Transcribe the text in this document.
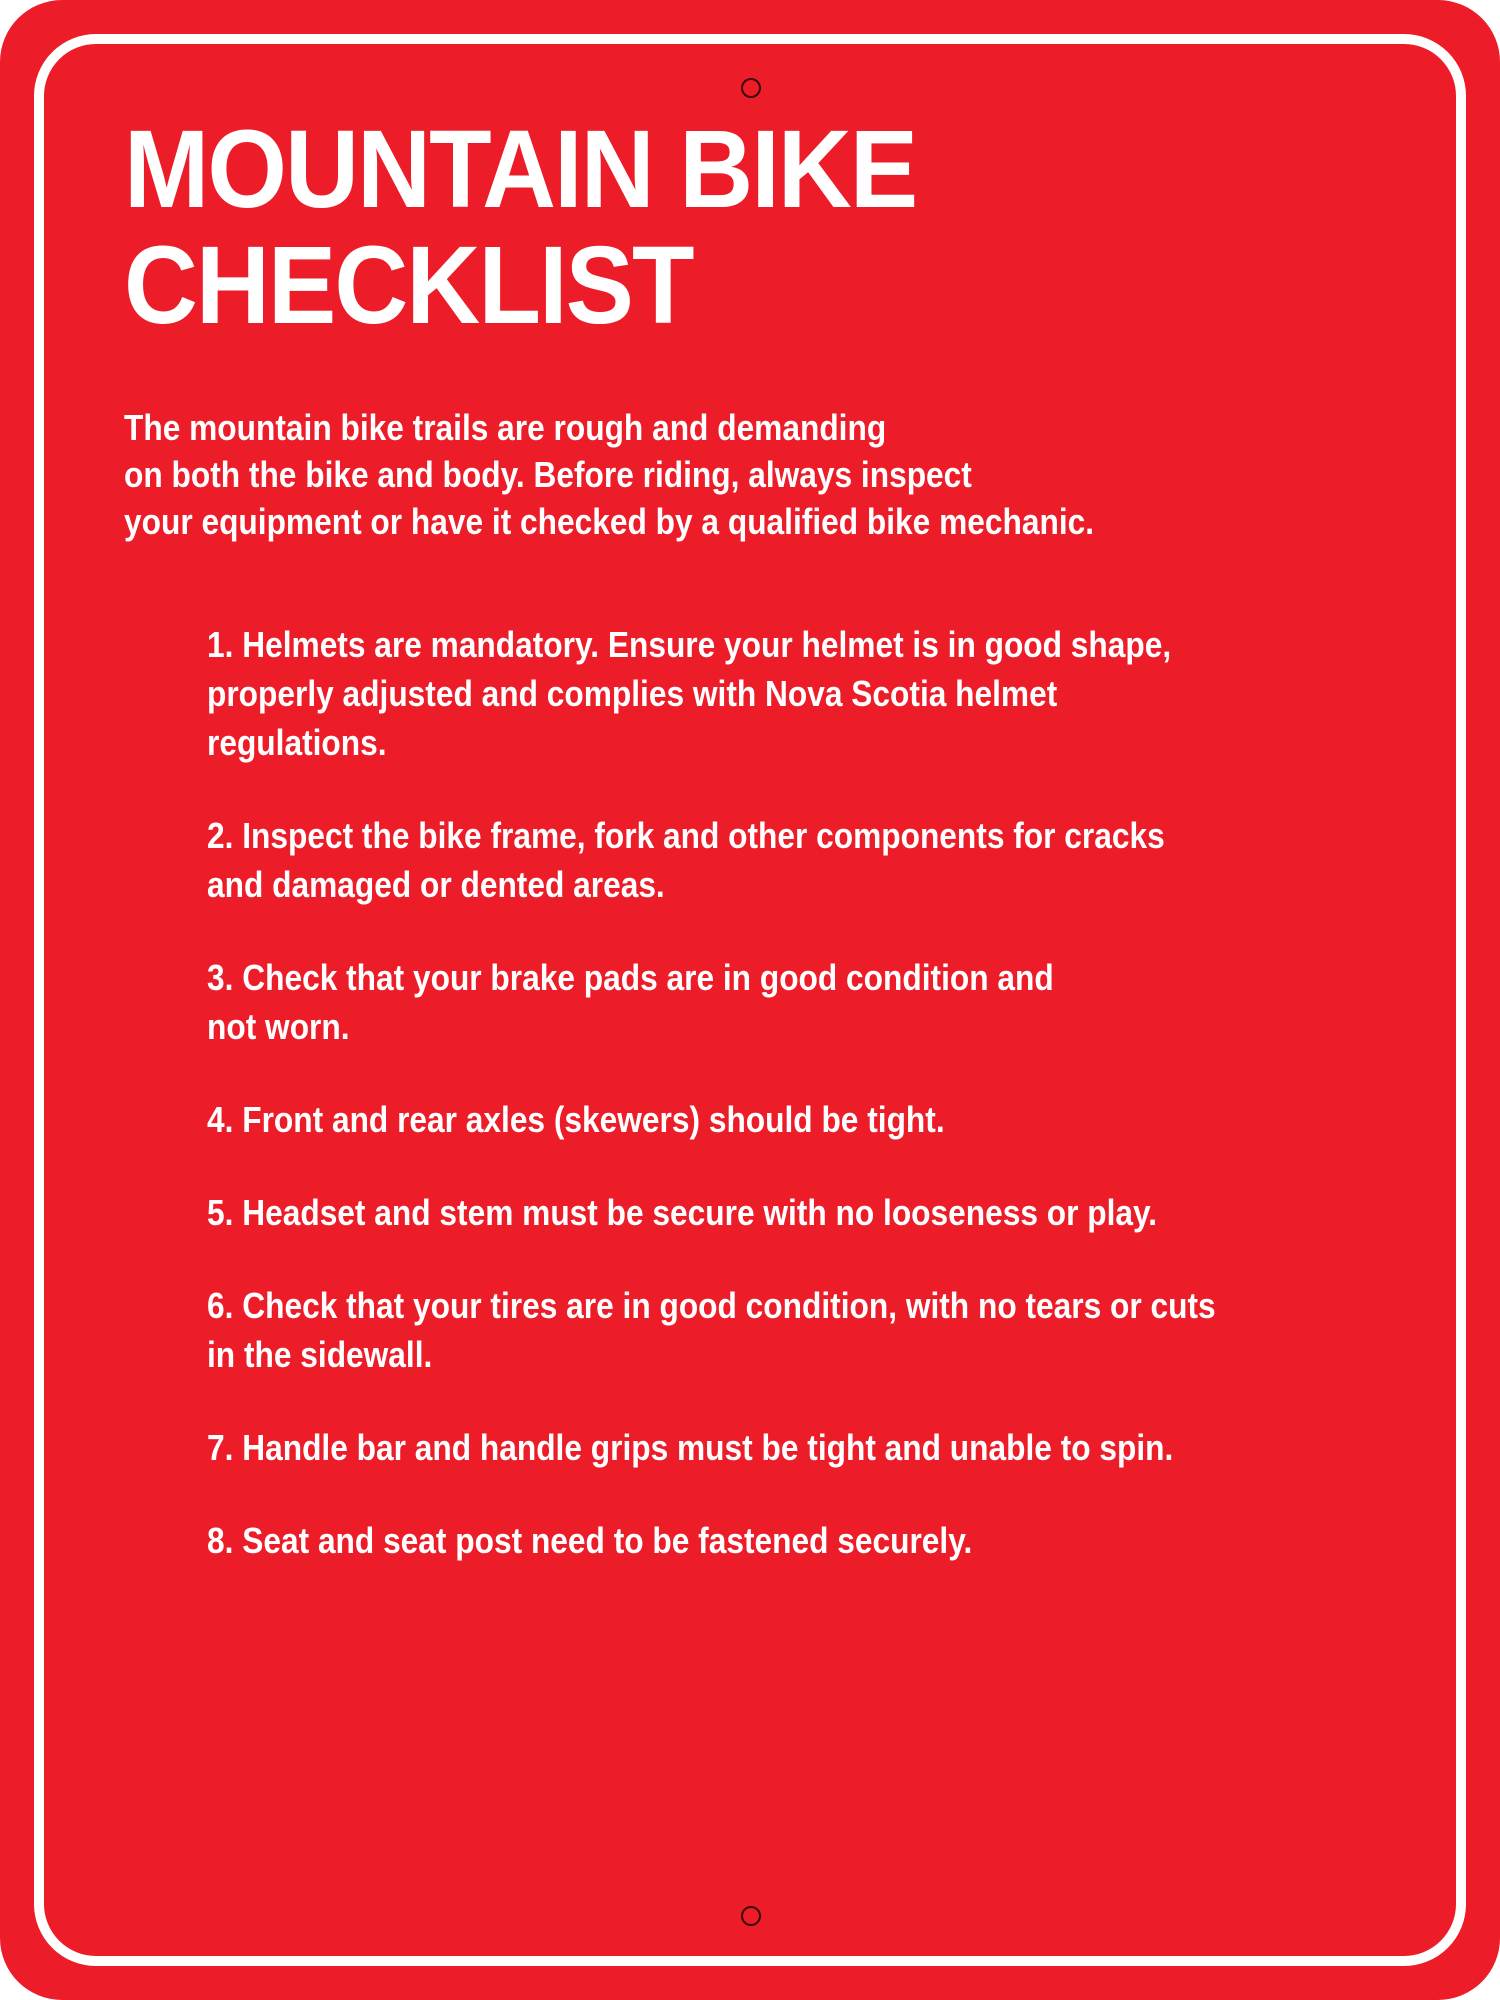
MOUNTAIN BIKE
CHECKLIST

The mountain bike trails are rough and demanding
on both the bike and body. Before riding, always inspect
your equipment or have it checked by a qualified bike mechanic.

1. Helmets are mandatory. Ensure your helmet is in good shape,
properly adjusted and complies with Nova Scotia helmet
regulations.
2. Inspect the bike frame, fork and other components for cracks
and damaged or dented areas.
3. Check that your brake pads are in good condition and
not worn.
4. Front and rear axles (skewers) should be tight.
5. Headset and stem must be secure with no looseness or play.
6. Check that your tires are in good condition, with no tears or cuts
in the sidewall.
7. Handle bar and handle grips must be tight and unable to spin.
8. Seat and seat post need to be fastened securely.
